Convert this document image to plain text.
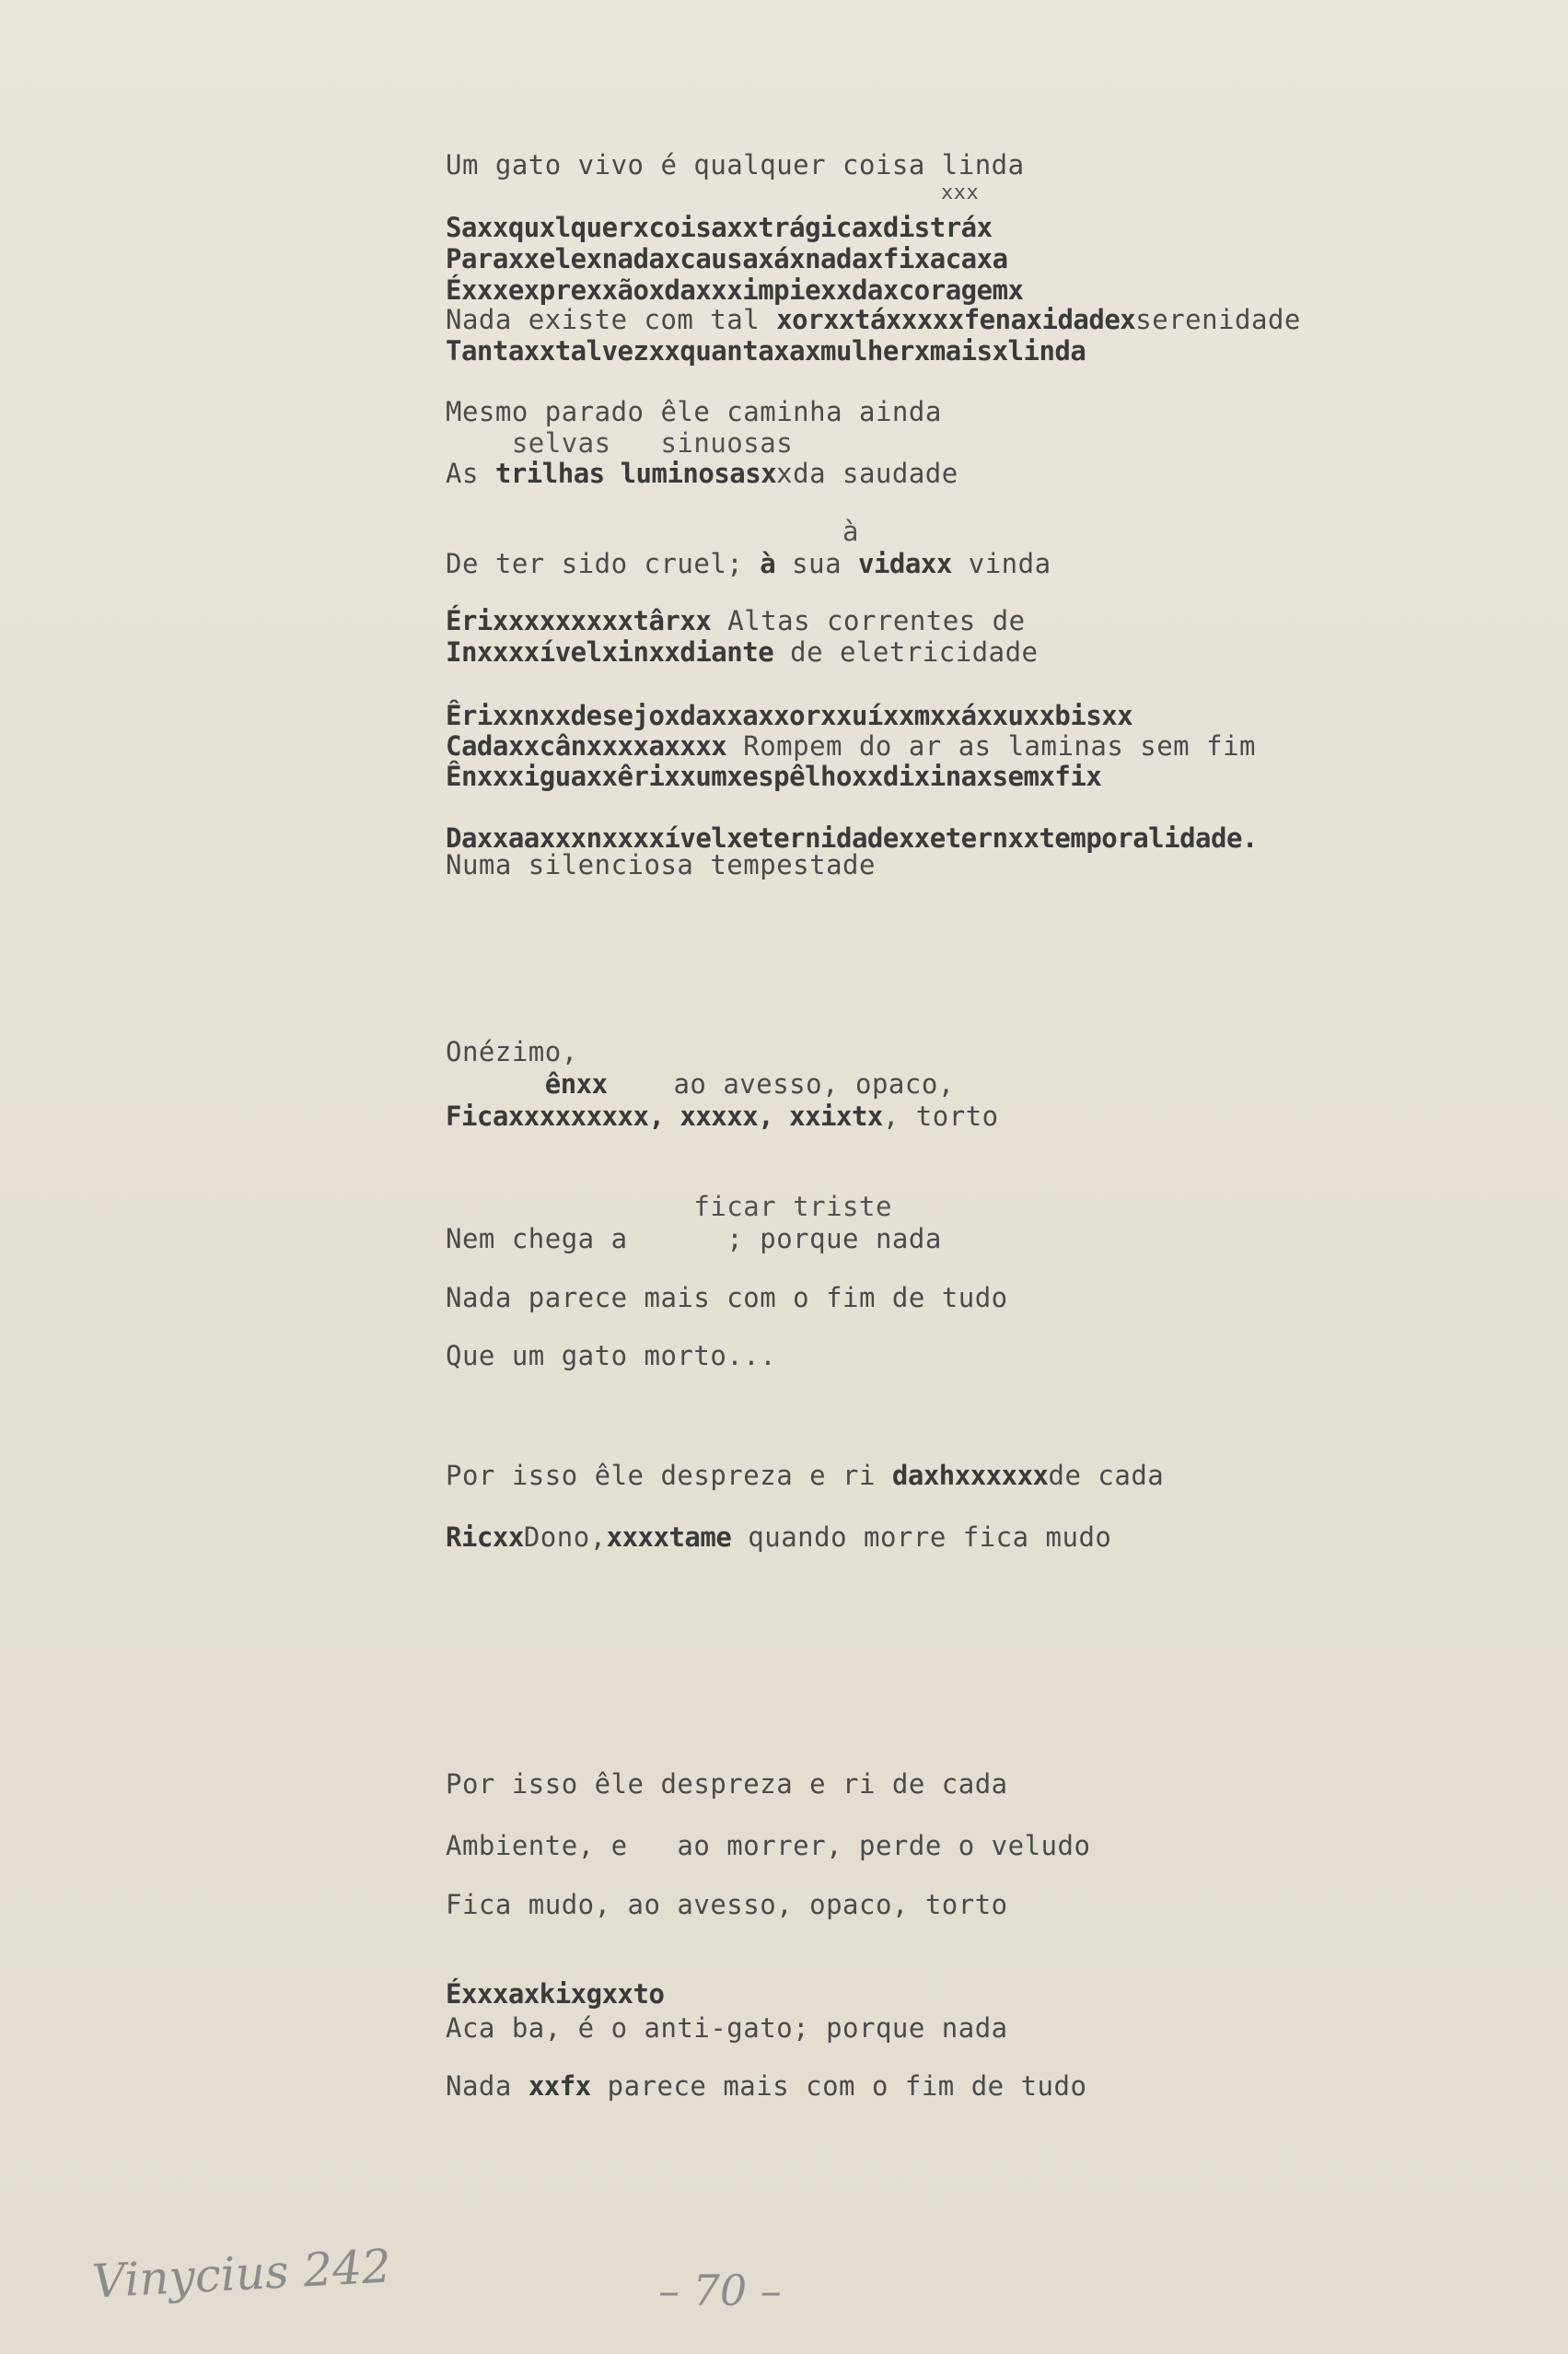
Um gato vivo é qualquer coisa linda
xxx
Saxxquxlquerxcoisaxxtrágicaxdistráx
Paraxxelexnadaxcausaxáxnadaxfixacaxa
Éxxxexprexxãoxdaxxximpiexxdaxcoragemx
Nada existe com tal xorxxtáxxxxxfenaxidadexserenidade
Tantaxxtalvezxxquantaxaxmulherxmaisxlinda
Mesmo parado êle caminha ainda
selvas   sinuosas
As trilhas luminosasxxda saudade
à
De ter sido cruel; à sua vidaxx vinda
Érixxxxxxxxxtârxx Altas correntes de
Inxxxxívelxinxxdiante de eletricidade
Êrixxnxxdesejoxdaxxaxxorxxuíxxmxxáxxuxxbisxx
Cadaxxcânxxxxaxxxx Rompem do ar as laminas sem fim
Ênxxxiguaxxêrixxumxespêlhoxxdixinaxsemxfix
Daxxaaxxxnxxxxívelxeternidadexxeternxxtemporalidade.
Numa silenciosa tempestade
Onézimo,
ênxx    ao avesso, opaco,
Ficaxxxxxxxxx, xxxxx, xxixtx, torto
ficar triste
Nem chega a      ; porque nada
Nada parece mais com o fim de tudo
Que um gato morto...
Por isso êle despreza e ri daxhxxxxxxde cada
RicxxDono,xxxxtame quando morre fica mudo
Por isso êle despreza e ri de cada
Ambiente, e   ao morrer, perde o veludo
Fica mudo, ao avesso, opaco, torto
Éxxxaxkixgxxto
Aca ba, é o anti-gato; porque nada
Nada xxfx parece mais com o fim de tudo
Vinycius 242	– 70 –
